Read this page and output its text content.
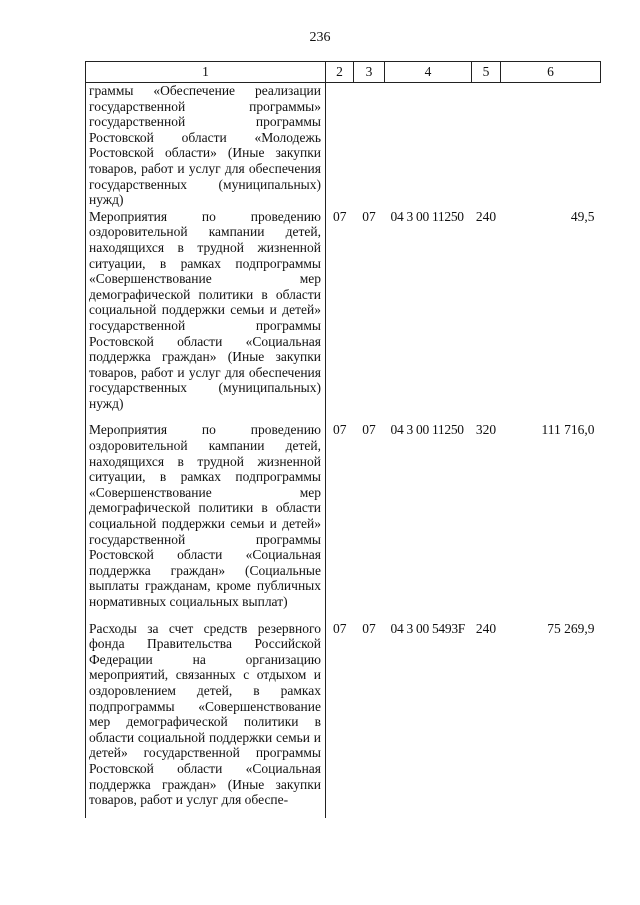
236
1	2	3	4	5	6
граммы «Обеспечение реализации государственной программы» государственной программы Ростовской области «Молодежь Ростовской области» (Иные закупки товаров, работ и услуг для обеспечения государственных (муниципальных) нужд)					
Мероприятия по проведению оздоровительной кампании детей, находящихся в трудной жизненной ситуации, в рамках подпрограммы «Совершенствование мер демографической политики в области социальной поддержки семьи и детей» государственной программы Ростовской области «Социальная поддержка граждан» (Иные закупки товаров, работ и услуг для обеспечения государственных (муниципальных) нужд)	07	07	04 3 00 11250	240	49,5
Мероприятия по проведению оздоровительной кампании детей, находящихся в трудной жизненной ситуации, в рамках подпрограммы «Совершенствование мер демографической политики в области социальной поддержки семьи и детей» государственной программы Ростовской области «Социальная поддержка граждан» (Социальные выплаты гражданам, кроме публичных нормативных социальных выплат)	07	07	04 3 00 11250	320	111 716,0
Расходы за счет средств резервного фонда Правительства Российской Федерации на организацию мероприятий, связанных с отдыхом и оздоровлением детей, в рамках подпрограммы «Совершенствование мер демографической политики в области социальной поддержки семьи и детей» государственной программы Ростовской области «Социальная поддержка граждан» (Иные закупки товаров, работ и услуг для обеспе-	07	07	04 3 00 5493F	240	75 269,9
